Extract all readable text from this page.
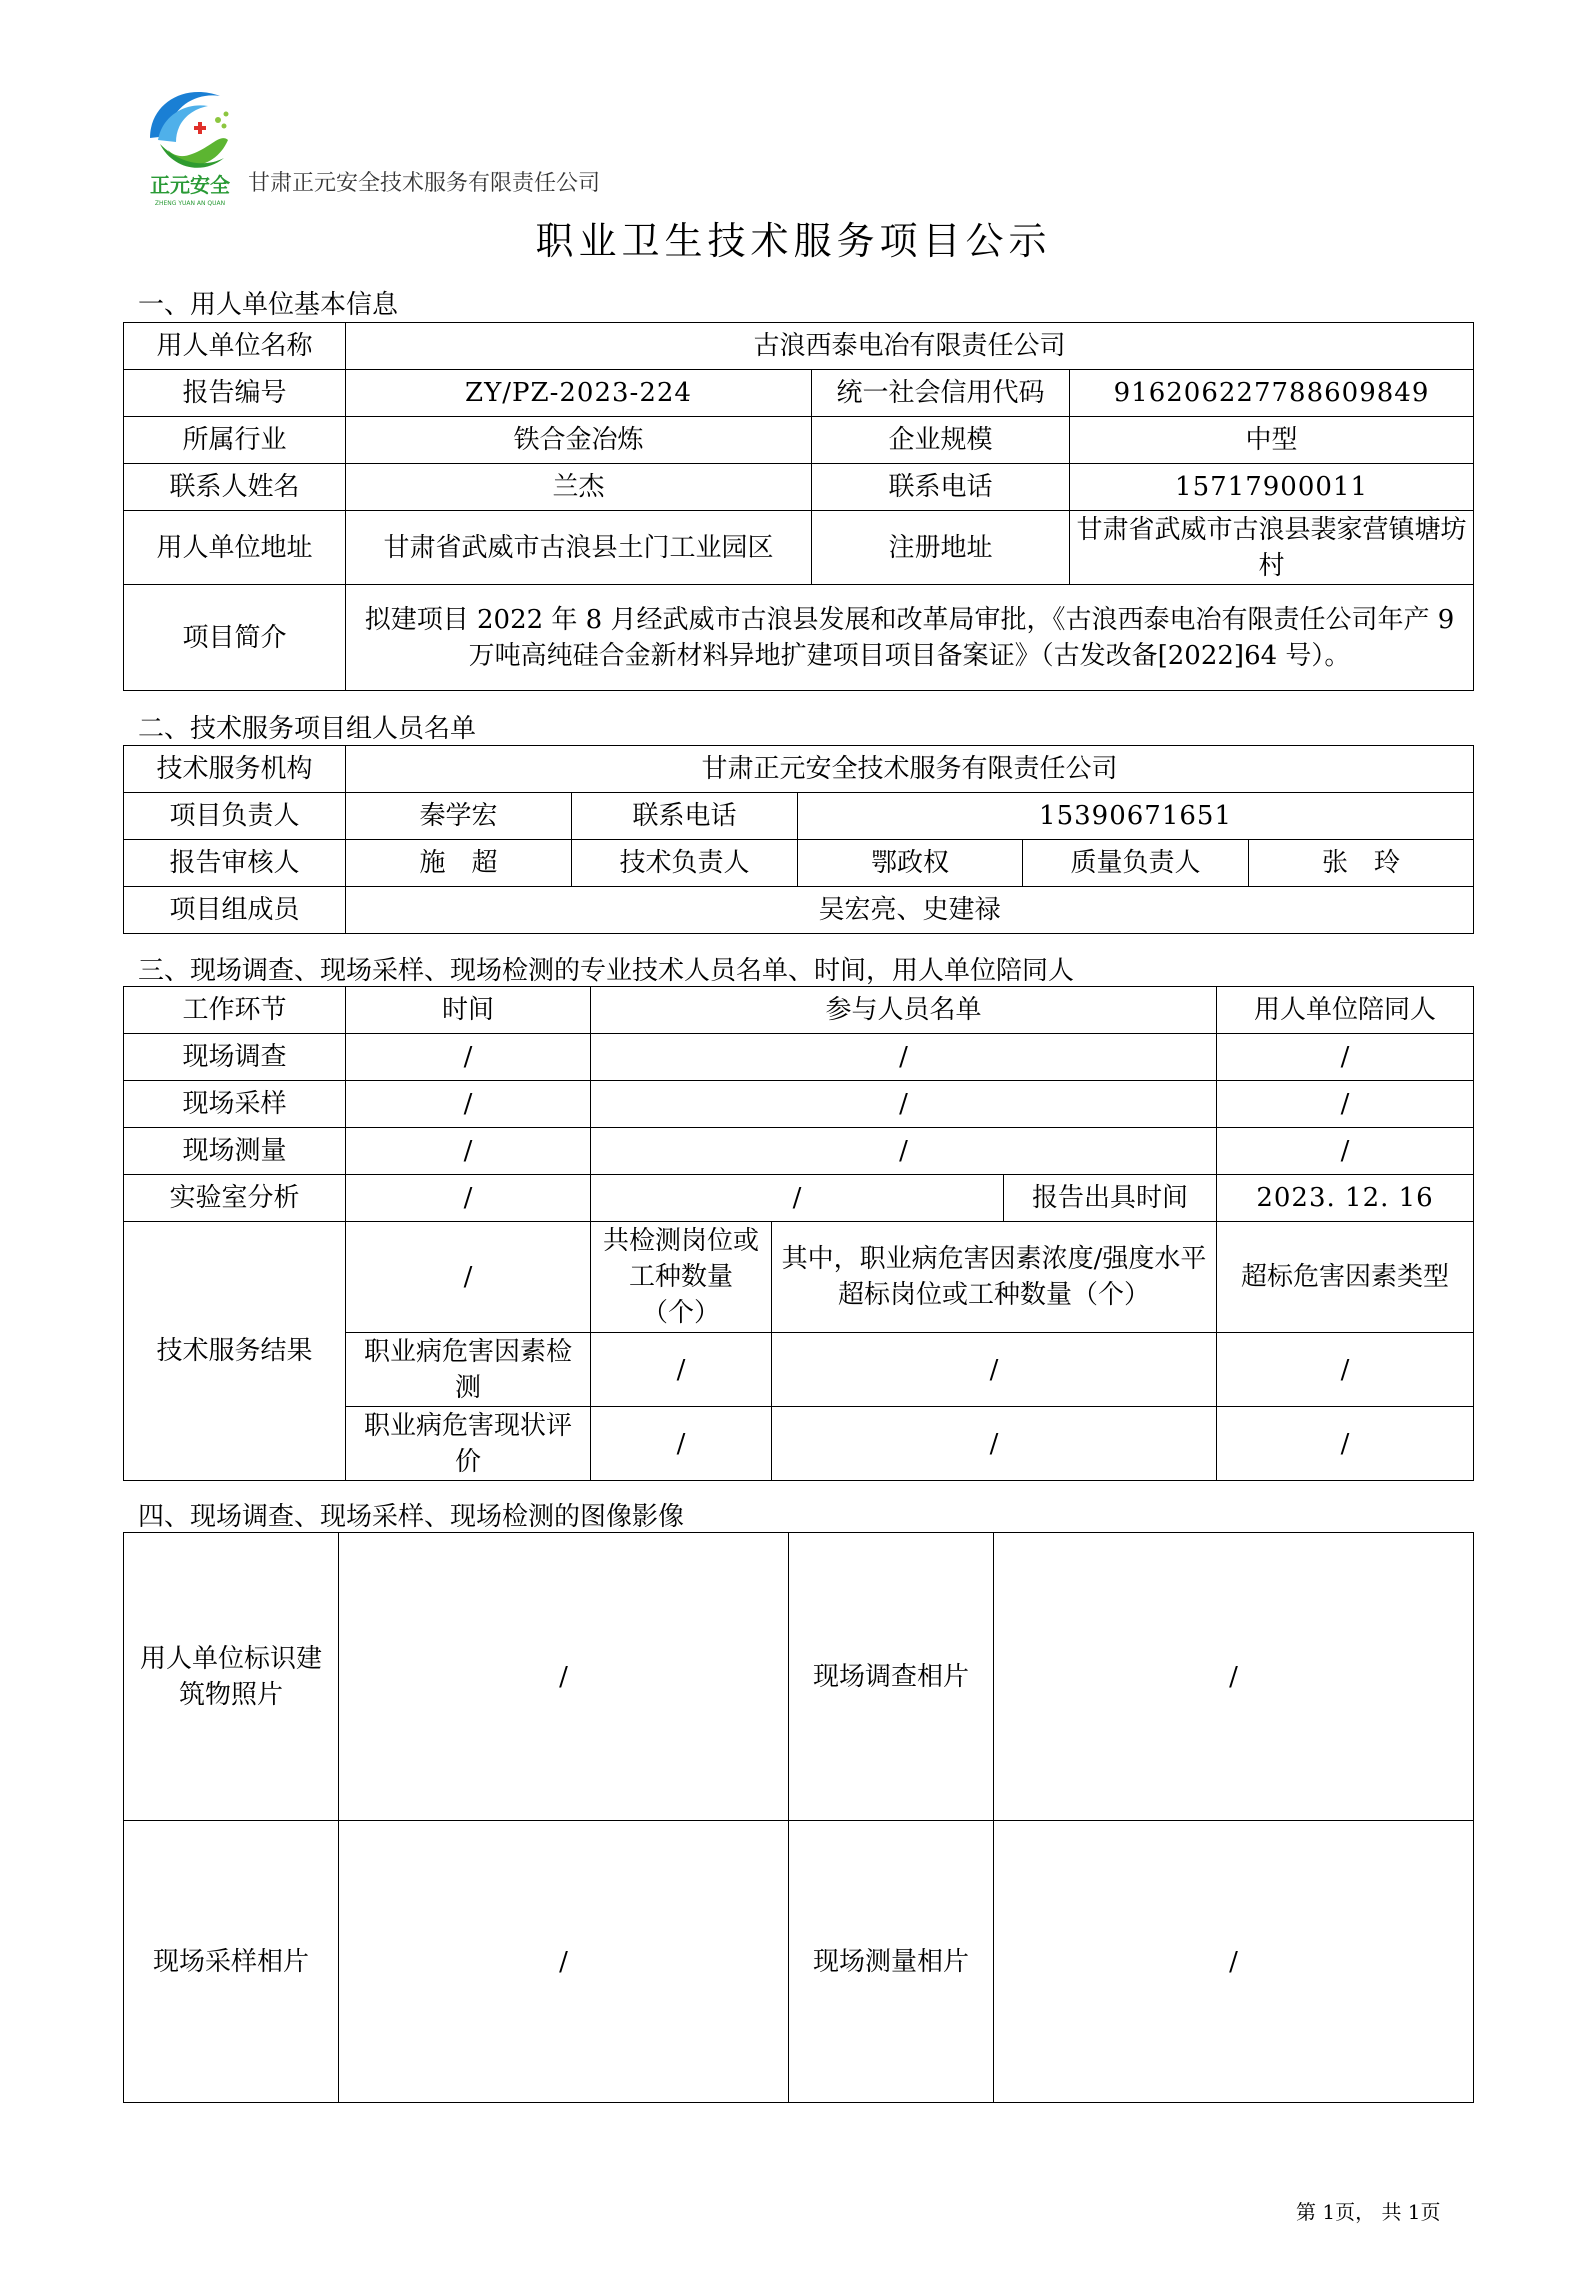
正元安全
ZHENG YUAN AN QUAN
甘肃正元安全技术服务有限责任公司
职业卫生技术服务项目公示
一、用人单位基本信息
用人单位名称	古浪西泰电冶有限责任公司		
报告编号	ZY/PZ-2023-224	统一社会信用代码	916206227788609849
所属行业	铁合金冶炼	企业规模	中型
联系人姓名	兰杰	联系电话	15717900011
用人单位地址	甘肃省武威市古浪县土门工业园区	注册地址	甘肃省武威市古浪县裴家营镇塘坊村
项目简介	拟建项目 2022 年 8 月经武威市古浪县发展和改革局审批，《古浪西泰电冶有限责任公司年产 9 万吨高纯硅合金新材料异地扩建项目项目备案证》（古发改备[2022]64 号）。		
二、技术服务项目组人员名单
技术服务机构	甘肃正元安全技术服务有限责任公司				
项目负责人	秦学宏	联系电话	15390671651		
报告审核人	施　超	技术负责人	鄂政权	质量负责人	张　玲
项目组成员	吴宏亮、史建禄				
三、现场调查、现场采样、现场检测的专业技术人员名单、时间，用人单位陪同人
工作环节	时间	参与人员名单			用人单位陪同人
现场调查	/	/			/
现场采样	/	/			/
现场测量	/	/			/
实验室分析	/	/		报告出具时间	2023. 12. 16
技术服务结果	/	共检测岗位或工种数量（个）	其中，职业病危害因素浓度/强度水平超标岗位或工种数量（个）		超标危害因素类型
	职业病危害因素检测	/	/		/
	职业病危害现状评价	/	/		/
四、现场调查、现场采样、现场检测的图像影像
用人单位标识建筑物照片	/	现场调查相片	/
现场采样相片	/	现场测量相片	/
第 1页， 共 1页
